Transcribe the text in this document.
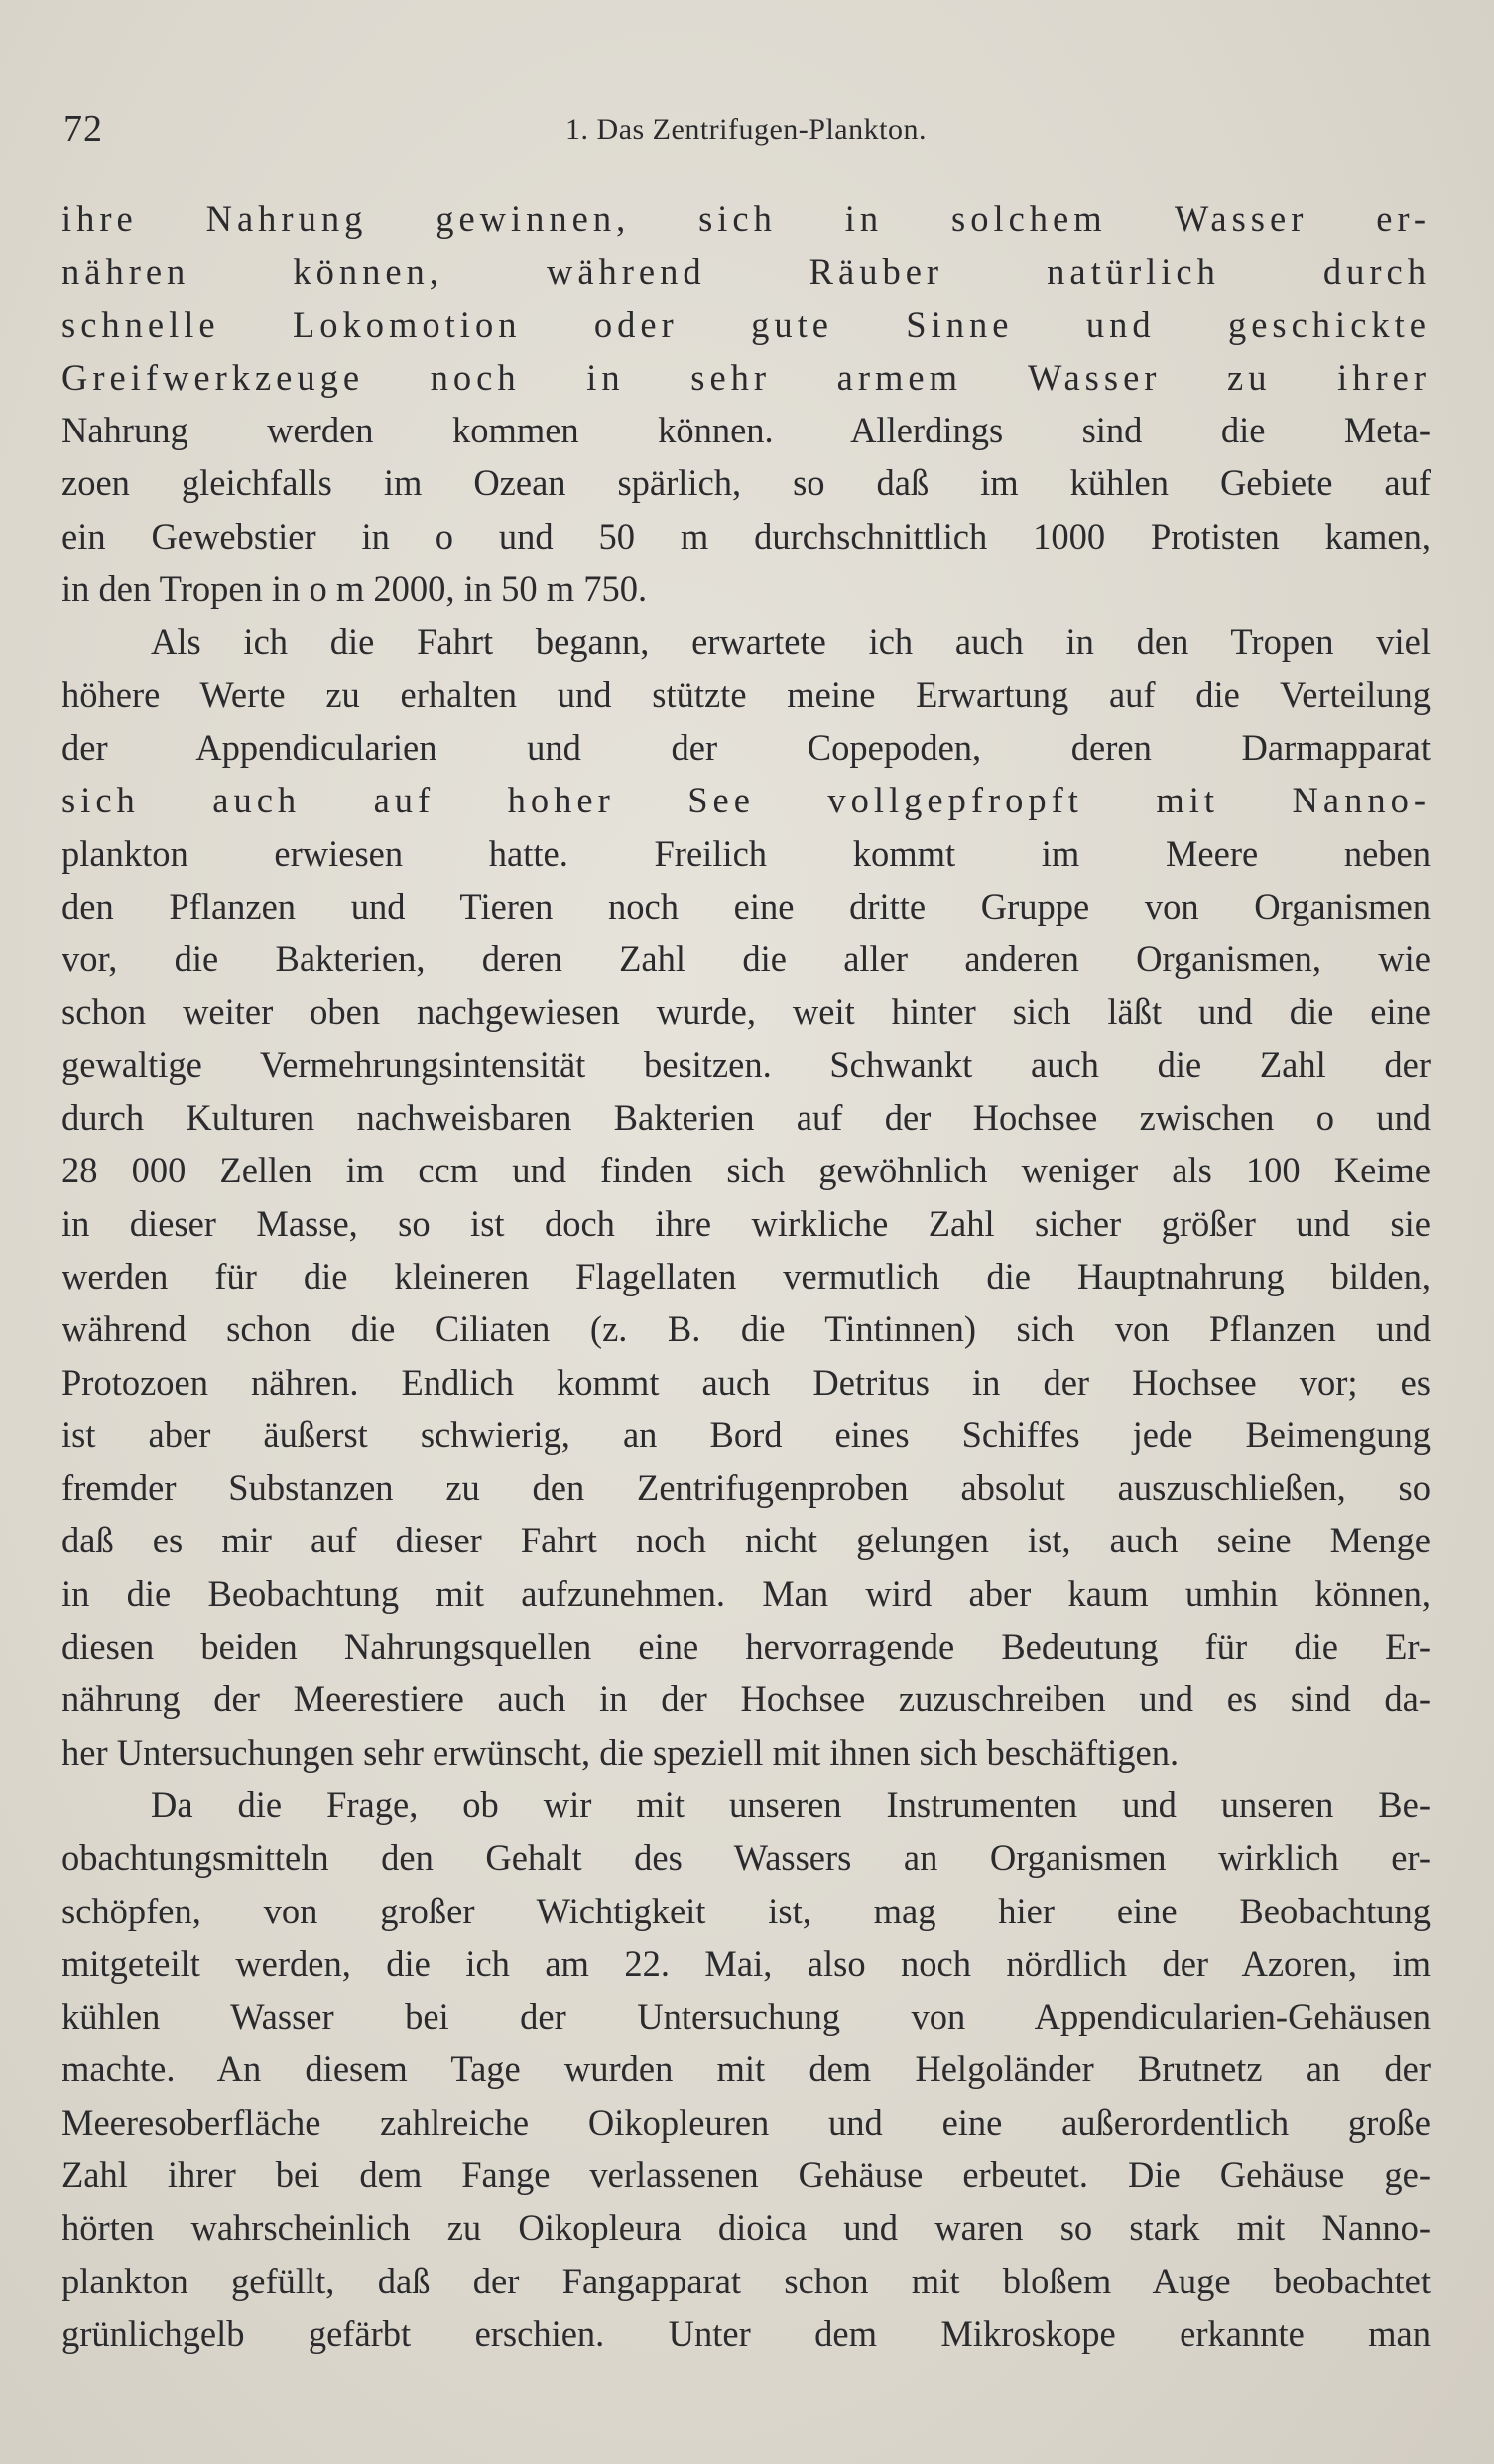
72	1. Das Zentrifugen-Plankton.
ihre Nahrung gewinnen, sich in solchem Wasser er-
nähren können, während Räuber natürlich durch
schnelle Lokomotion oder gute Sinne und geschickte
Greifwerkzeuge noch in sehr armem Wasser zu ihrer
Nahrung werden kommen können. Allerdings sind die Meta-
zoen gleichfalls im Ozean spärlich, so daß im kühlen Gebiete auf
ein Gewebstier in o und 50 m durchschnittlich 1000 Protisten kamen,
in den Tropen in o m 2000, in 50 m 750.
Als ich die Fahrt begann, erwartete ich auch in den Tropen viel
höhere Werte zu erhalten und stützte meine Erwartung auf die Verteilung
der Appendicularien und der Copepoden, deren Darmapparat
sich auch auf hoher See vollgepfropft mit Nanno-
plankton erwiesen hatte. Freilich kommt im Meere neben
den Pflanzen und Tieren noch eine dritte Gruppe von Organismen
vor, die Bakterien, deren Zahl die aller anderen Organismen, wie
schon weiter oben nachgewiesen wurde, weit hinter sich läßt und die eine
gewaltige Vermehrungsintensität besitzen. Schwankt auch die Zahl der
durch Kulturen nachweisbaren Bakterien auf der Hochsee zwischen o und
28 000 Zellen im ccm und finden sich gewöhnlich weniger als 100 Keime
in dieser Masse, so ist doch ihre wirkliche Zahl sicher größer und sie
werden für die kleineren Flagellaten vermutlich die Hauptnahrung bilden,
während schon die Ciliaten (z. B. die Tintinnen) sich von Pflanzen und
Protozoen nähren. Endlich kommt auch Detritus in der Hochsee vor; es
ist aber äußerst schwierig, an Bord eines Schiffes jede Beimengung
fremder Substanzen zu den Zentrifugenproben absolut auszuschließen, so
daß es mir auf dieser Fahrt noch nicht gelungen ist, auch seine Menge
in die Beobachtung mit aufzunehmen. Man wird aber kaum umhin können,
diesen beiden Nahrungsquellen eine hervorragende Bedeutung für die Er-
nährung der Meerestiere auch in der Hochsee zuzuschreiben und es sind da-
her Untersuchungen sehr erwünscht, die speziell mit ihnen sich beschäftigen.
Da die Frage, ob wir mit unseren Instrumenten und unseren Be-
obachtungsmitteln den Gehalt des Wassers an Organismen wirklich er-
schöpfen, von großer Wichtigkeit ist, mag hier eine Beobachtung
mitgeteilt werden, die ich am 22. Mai, also noch nördlich der Azoren, im
kühlen Wasser bei der Untersuchung von Appendicularien-Gehäusen
machte. An diesem Tage wurden mit dem Helgoländer Brutnetz an der
Meeresoberfläche zahlreiche Oikopleuren und eine außerordentlich große
Zahl ihrer bei dem Fange verlassenen Gehäuse erbeutet. Die Gehäuse ge-
hörten wahrscheinlich zu Oikopleura dioica und waren so stark mit Nanno-
plankton gefüllt, daß der Fangapparat schon mit bloßem Auge beobachtet
grünlichgelb gefärbt erschien. Unter dem Mikroskope erkannte man
